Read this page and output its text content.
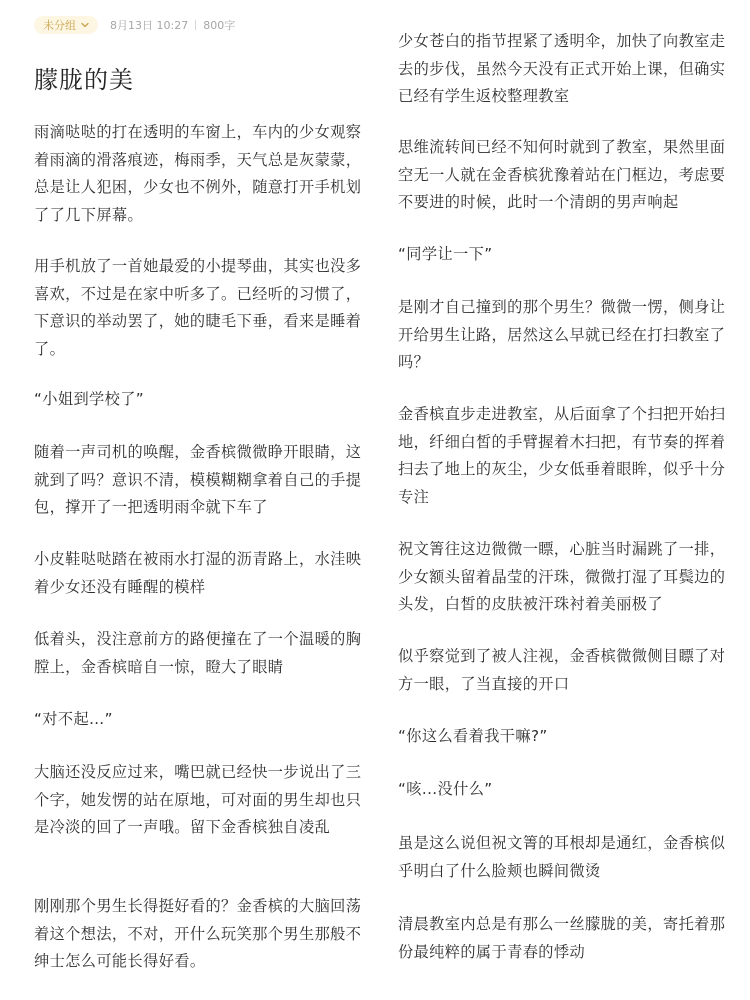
未分组	8月13日 10:27 800字
朦胧的美

雨滴哒哒的打在透明的车窗上，车内的少女观察着雨滴的滑落痕迹，梅雨季，天气总是灰蒙蒙，总是让人犯困，少女也不例外，随意打开手机划了了几下屏幕。

用手机放了一首她最爱的小提琴曲，其实也没多喜欢，不过是在家中听多了。已经听的习惯了，下意识的举动罢了，她的睫毛下垂，看来是睡着了。

“小姐到学校了”

随着一声司机的唤醒，金香槟微微睁开眼睛，这就到了吗？意识不清，模模糊糊拿着自己的手提包，撑开了一把透明雨伞就下车了

小皮鞋哒哒踏在被雨水打湿的沥青路上，水洼映着少女还没有睡醒的模样

低着头，没注意前方的路便撞在了一个温暖的胸膛上，金香槟暗自一惊，瞪大了眼睛

“对不起…”

大脑还没反应过来，嘴巴就已经快一步说出了三个字，她发愣的站在原地，可对面的男生却也只是冷淡的回了一声哦。留下金香槟独自凌乱

刚刚那个男生长得挺好看的？金香槟的大脑回荡着这个想法，不对，开什么玩笑那个男生那般不绅士怎么可能长得好看。

少女苍白的指节捏紧了透明伞，加快了向教室走去的步伐，虽然今天没有正式开始上课，但确实已经有学生返校整理教室

思维流转间已经不知何时就到了教室，果然里面空无一人就在金香槟犹豫着站在门框边，考虑要不要进的时候，此时一个清朗的男声响起

“同学让一下”

是刚才自己撞到的那个男生？微微一愣，侧身让开给男生让路，居然这么早就已经在打扫教室了吗？

金香槟直步走进教室，从后面拿了个扫把开始扫地，纤细白皙的手臂握着木扫把，有节奏的挥着扫去了地上的灰尘，少女低垂着眼眸，似乎十分专注

祝文箐往这边微微一瞟，心脏当时漏跳了一排，少女额头留着晶莹的汗珠，微微打湿了耳鬓边的头发，白皙的皮肤被汗珠衬着美丽极了

似乎察觉到了被人注视，金香槟微微侧目瞟了对方一眼，了当直接的开口

“你这么看着我干嘛?”

“咳...没什么”

虽是这么说但祝文箐的耳根却是通红，金香槟似乎明白了什么脸颊也瞬间微烫

清晨教室内总是有那么一丝朦胧的美，寄托着那份最纯粹的属于青春的悸动
